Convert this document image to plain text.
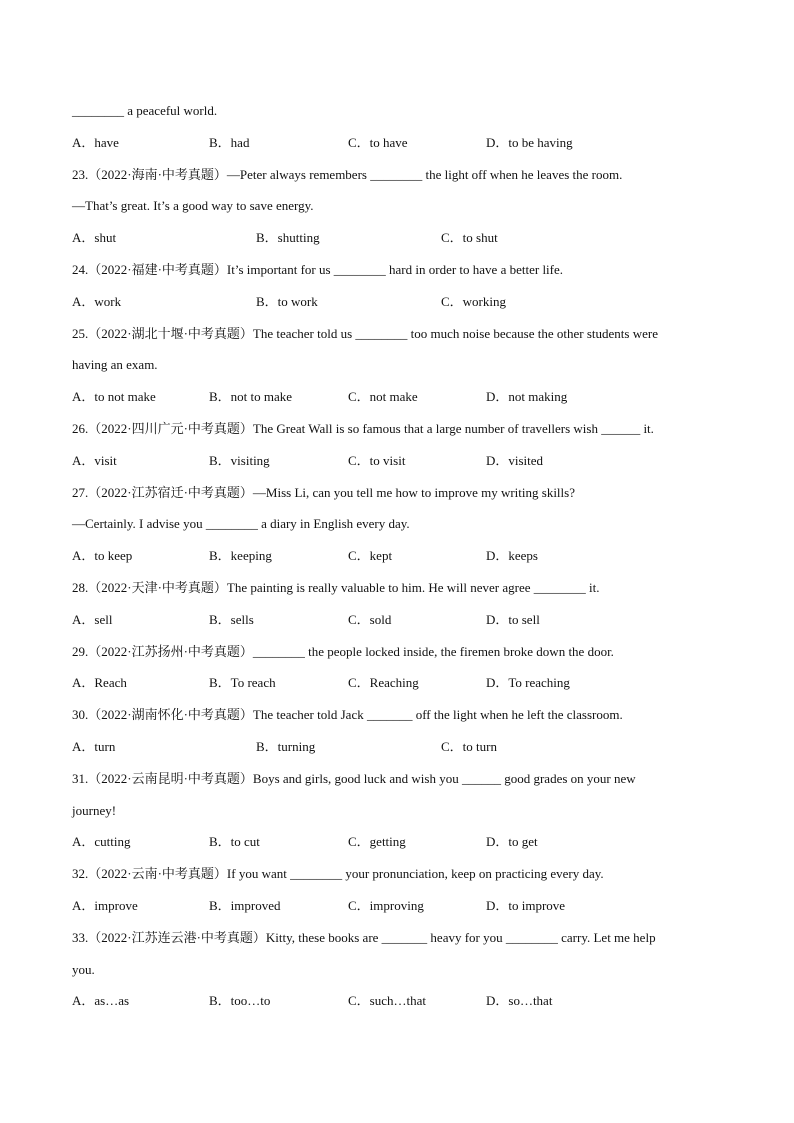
________ a peaceful world.
A．have	B．had	C．to have	D．to be having
23.（2022·海南·中考真题）—Peter always remembers ________ the light off when he leaves the room.
—That’s great. It’s a good way to save energy.
A．shut	B．shutting	C．to shut
24.（2022·福建·中考真题）It’s important for us ________ hard in order to have a better life.
A．work	B．to work	C．working
25.（2022·湖北十堰·中考真题）The teacher told us ________ too much noise because the other students were
having an exam.
A．to not make	B．not to make	C．not make	D．not making
26.（2022·四川广元·中考真题）The Great Wall is so famous that a large number of travellers wish ______ it.
A．visit	B．visiting	C．to visit	D．visited
27.（2022·江苏宿迁·中考真题）—Miss Li, can you tell me how to improve my writing skills?
—Certainly. I advise you ________ a diary in English every day.
A．to keep	B．keeping	C．kept	D．keeps
28.（2022·天津·中考真题）The painting is really valuable to him. He will never agree ________ it.
A．sell	B．sells	C．sold	D．to sell
29.（2022·江苏扬州·中考真题）________ the people locked inside, the firemen broke down the door.
A．Reach	B．To reach	C．Reaching	D．To reaching
30.（2022·湖南怀化·中考真题）The teacher told Jack _______ off the light when he left the classroom.
A．turn	B．turning	C．to turn
31.（2022·云南昆明·中考真题）Boys and girls, good luck and wish you ______ good grades on your new
journey!
A．cutting	B．to cut	C．getting	D．to get
32.（2022·云南·中考真题）If you want ________ your pronunciation, keep on practicing every day.
A．improve	B．improved	C．improving	D．to improve
33.（2022·江苏连云港·中考真题）Kitty, these books are _______ heavy for you ________ carry. Let me help
you.
A．as…as	B．too…to	C．such…that	D．so…that
